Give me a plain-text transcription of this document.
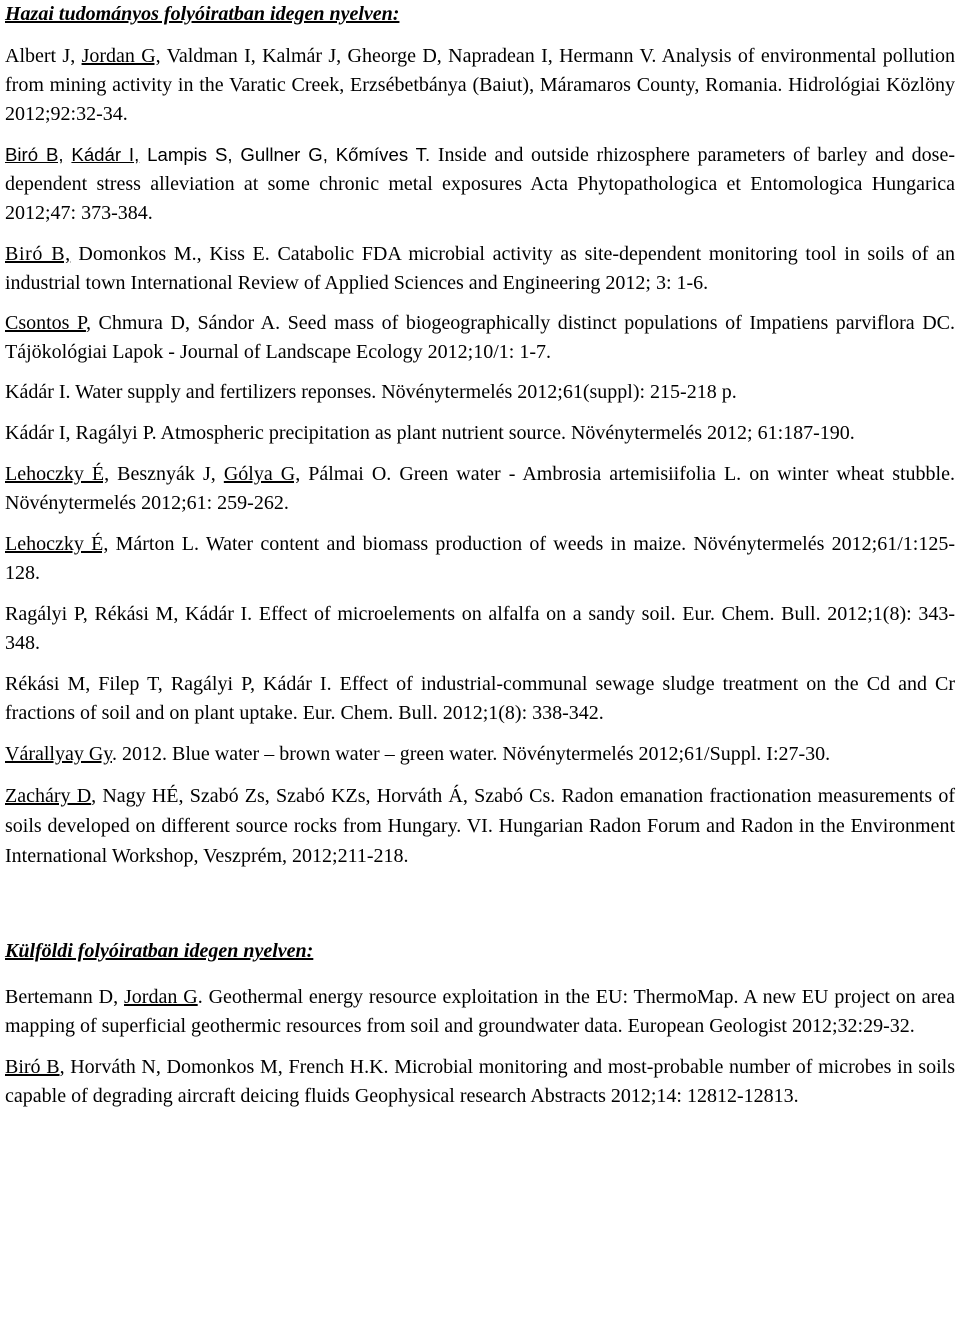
Hazai tudományos folyóiratban idegen nyelven:

Albert J, Jordan G, Valdman I, Kalmár J, Gheorge D, Napradean I, Hermann V. Analysis of environmental pollution from mining activity in the Varatic Creek, Erzsébetbánya (Baiut), Máramaros County, Romania. Hidrológiai Közlöny 2012;92:32-34.

Biró B, Kádár I, Lampis S, Gullner G, Kőmíves T. Inside and outside rhizosphere parameters of barley and dose-dependent stress alleviation at some chronic metal exposures Acta Phytopathologica et Entomologica Hungarica 2012;47: 373-384.

Biró B, Domonkos M., Kiss E. Catabolic FDA microbial activity as site-dependent monitoring tool in soils of an industrial town International Review of Applied Sciences and Engineering 2012; 3: 1-6.

Csontos P, Chmura D, Sándor A. Seed mass of biogeographically distinct populations of Impatiens parviflora DC. Tájökológiai Lapok - Journal of Landscape Ecology 2012;10/1: 1-7.

Kádár I. Water supply and fertilizers reponses. Növénytermelés 2012;61(suppl): 215-218 p.

Kádár I, Ragályi P. Atmospheric precipitation as plant nutrient source. Növénytermelés 2012; 61:187-190.

Lehoczky É, Besznyák J, Gólya G, Pálmai O. Green water - Ambrosia artemisiifolia L. on winter wheat stubble. Növénytermelés 2012;61: 259-262.

Lehoczky É, Márton L. Water content and biomass production of weeds in maize. Növénytermelés 2012;61/1:125-128.

Ragályi P, Rékási M, Kádár I. Effect of microelements on alfalfa on a sandy soil. Eur. Chem. Bull. 2012;1(8): 343-348.

Rékási M, Filep T, Ragályi P, Kádár I. Effect of industrial-communal sewage sludge treatment on the Cd and Cr fractions of soil and on plant uptake. Eur. Chem. Bull. 2012;1(8): 338-342.

Várallyay Gy. 2012. Blue water – brown water – green water. Növénytermelés 2012;61/Suppl. I:27-30.

Zacháry D, Nagy HÉ, Szabó Zs, Szabó KZs, Horváth Á, Szabó Cs. Radon emanation fractionation measurements of soils developed on different source rocks from Hungary. VI. Hungarian Radon Forum and Radon in the Environment International Workshop, Veszprém, 2012;211-218.

Külföldi folyóiratban idegen nyelven:

Bertemann D, Jordan G. Geothermal energy resource exploitation in the EU: ThermoMap. A new EU project on area mapping of superficial geothermic resources from soil and groundwater data. European Geologist 2012;32:29-32.

Biró B, Horváth N, Domonkos M, French H.K. Microbial monitoring and most-probable number of microbes in soils capable of degrading aircraft deicing fluids Geophysical research Abstracts 2012;14: 12812-12813.
